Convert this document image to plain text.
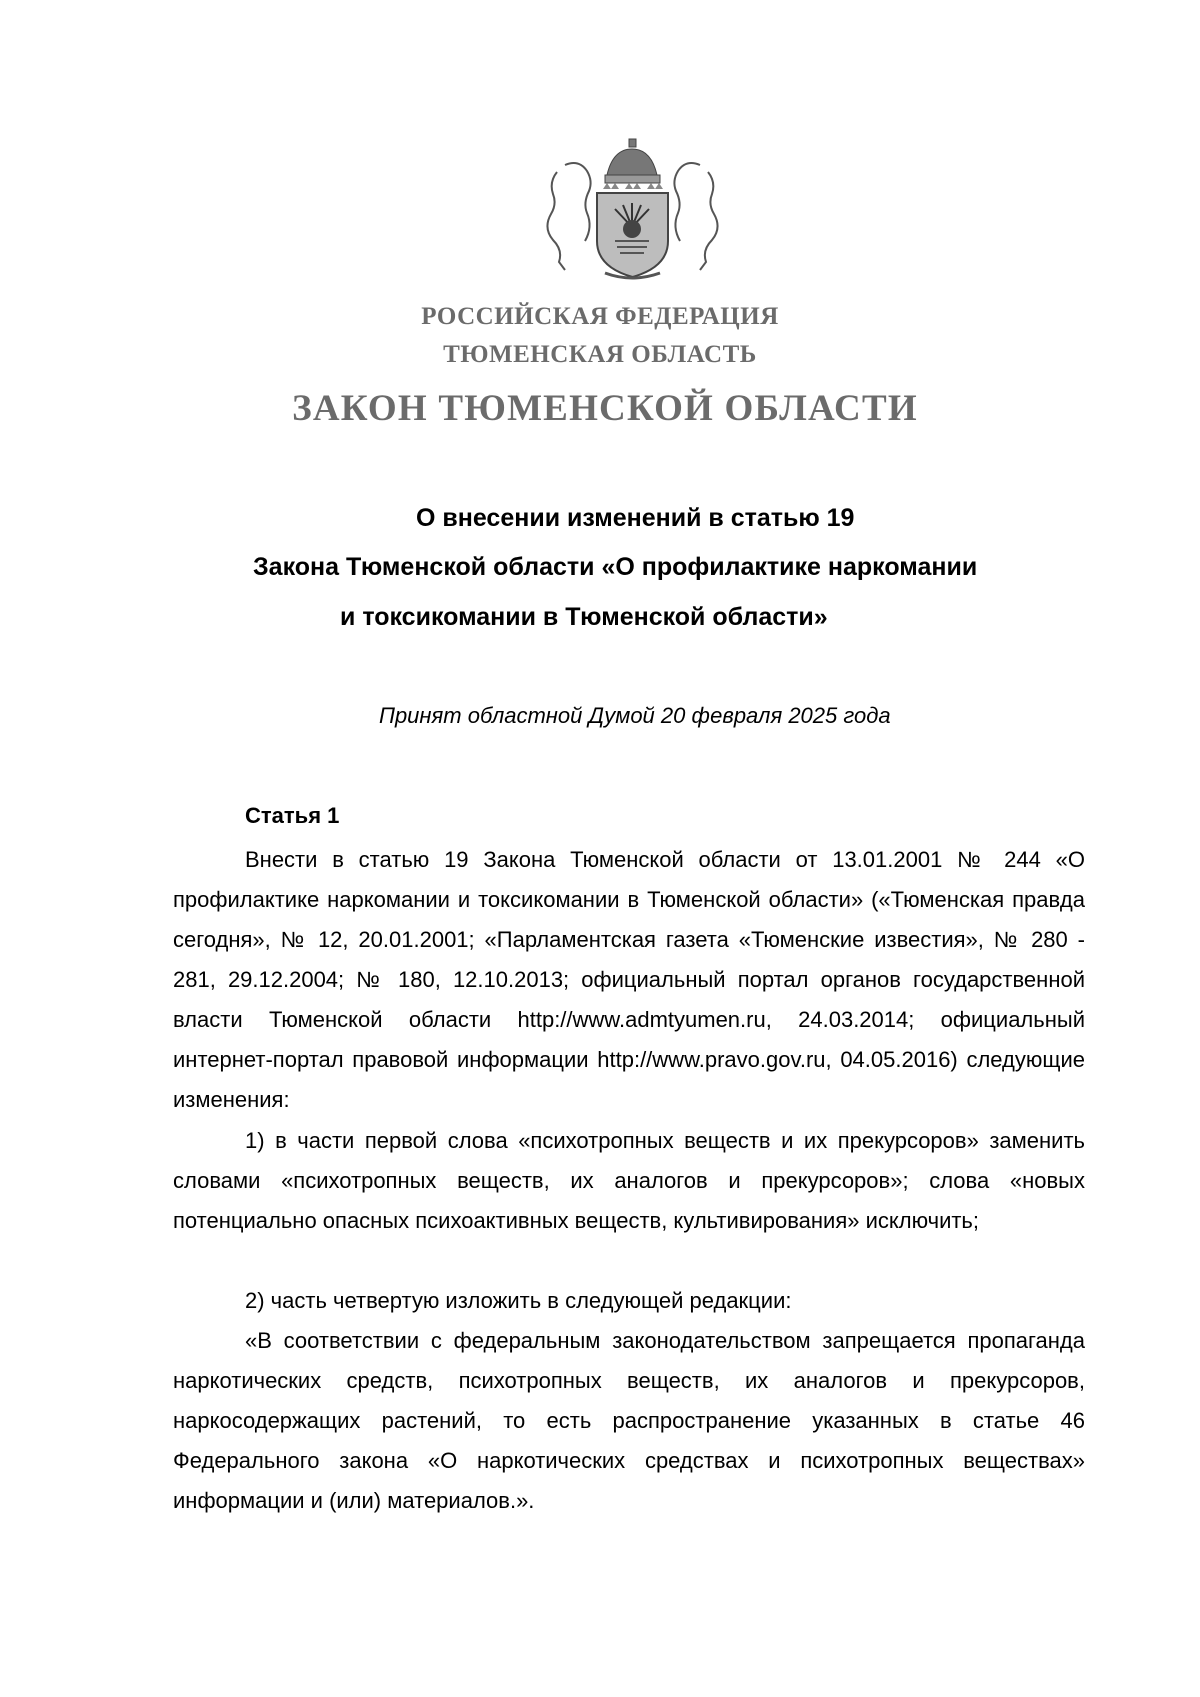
РОССИЙСКАЯ ФЕДЕРАЦИЯ
ТЮМЕНСКАЯ ОБЛАСТЬ
ЗАКОН ТЮМЕНСКОЙ ОБЛАСТИ
О внесении изменений в статью 19
Закона Тюменской области «О профилактике наркомании
и токсикомании в Тюменской области»
Принят областной Думой 20 февраля 2025 года
Статья 1

Внести в статью 19 Закона Тюменской области от 13.01.2001 № 244 «О профилактике наркомании и токсикомании в Тюменской области» («Тюменская правда сегодня», № 12, 20.01.2001; «Парламентская газета «Тюменские известия», № 280 - 281, 29.12.2004; № 180, 12.10.2013; официальный портал органов государственной власти Тюменской области http://www.admtyumen.ru, 24.03.2014; официальный интернет-портал правовой информации http://www.pravo.gov.ru, 04.05.2016) следующие изменения:

1) в части первой слова «психотропных веществ и их прекурсоров» заменить словами «психотропных веществ, их аналогов и прекурсоров»; слова «новых потенциально опасных психоактивных веществ, культивирования» исключить;

2) часть четвертую изложить в следующей редакции:

«В соответствии с федеральным законодательством запрещается пропаганда наркотических средств, психотропных веществ, их аналогов и прекурсоров, наркосодержащих растений, то есть распространение указанных в статье 46 Федерального закона «О наркотических средствах и психотропных веществах» информации и (или) материалов.».
